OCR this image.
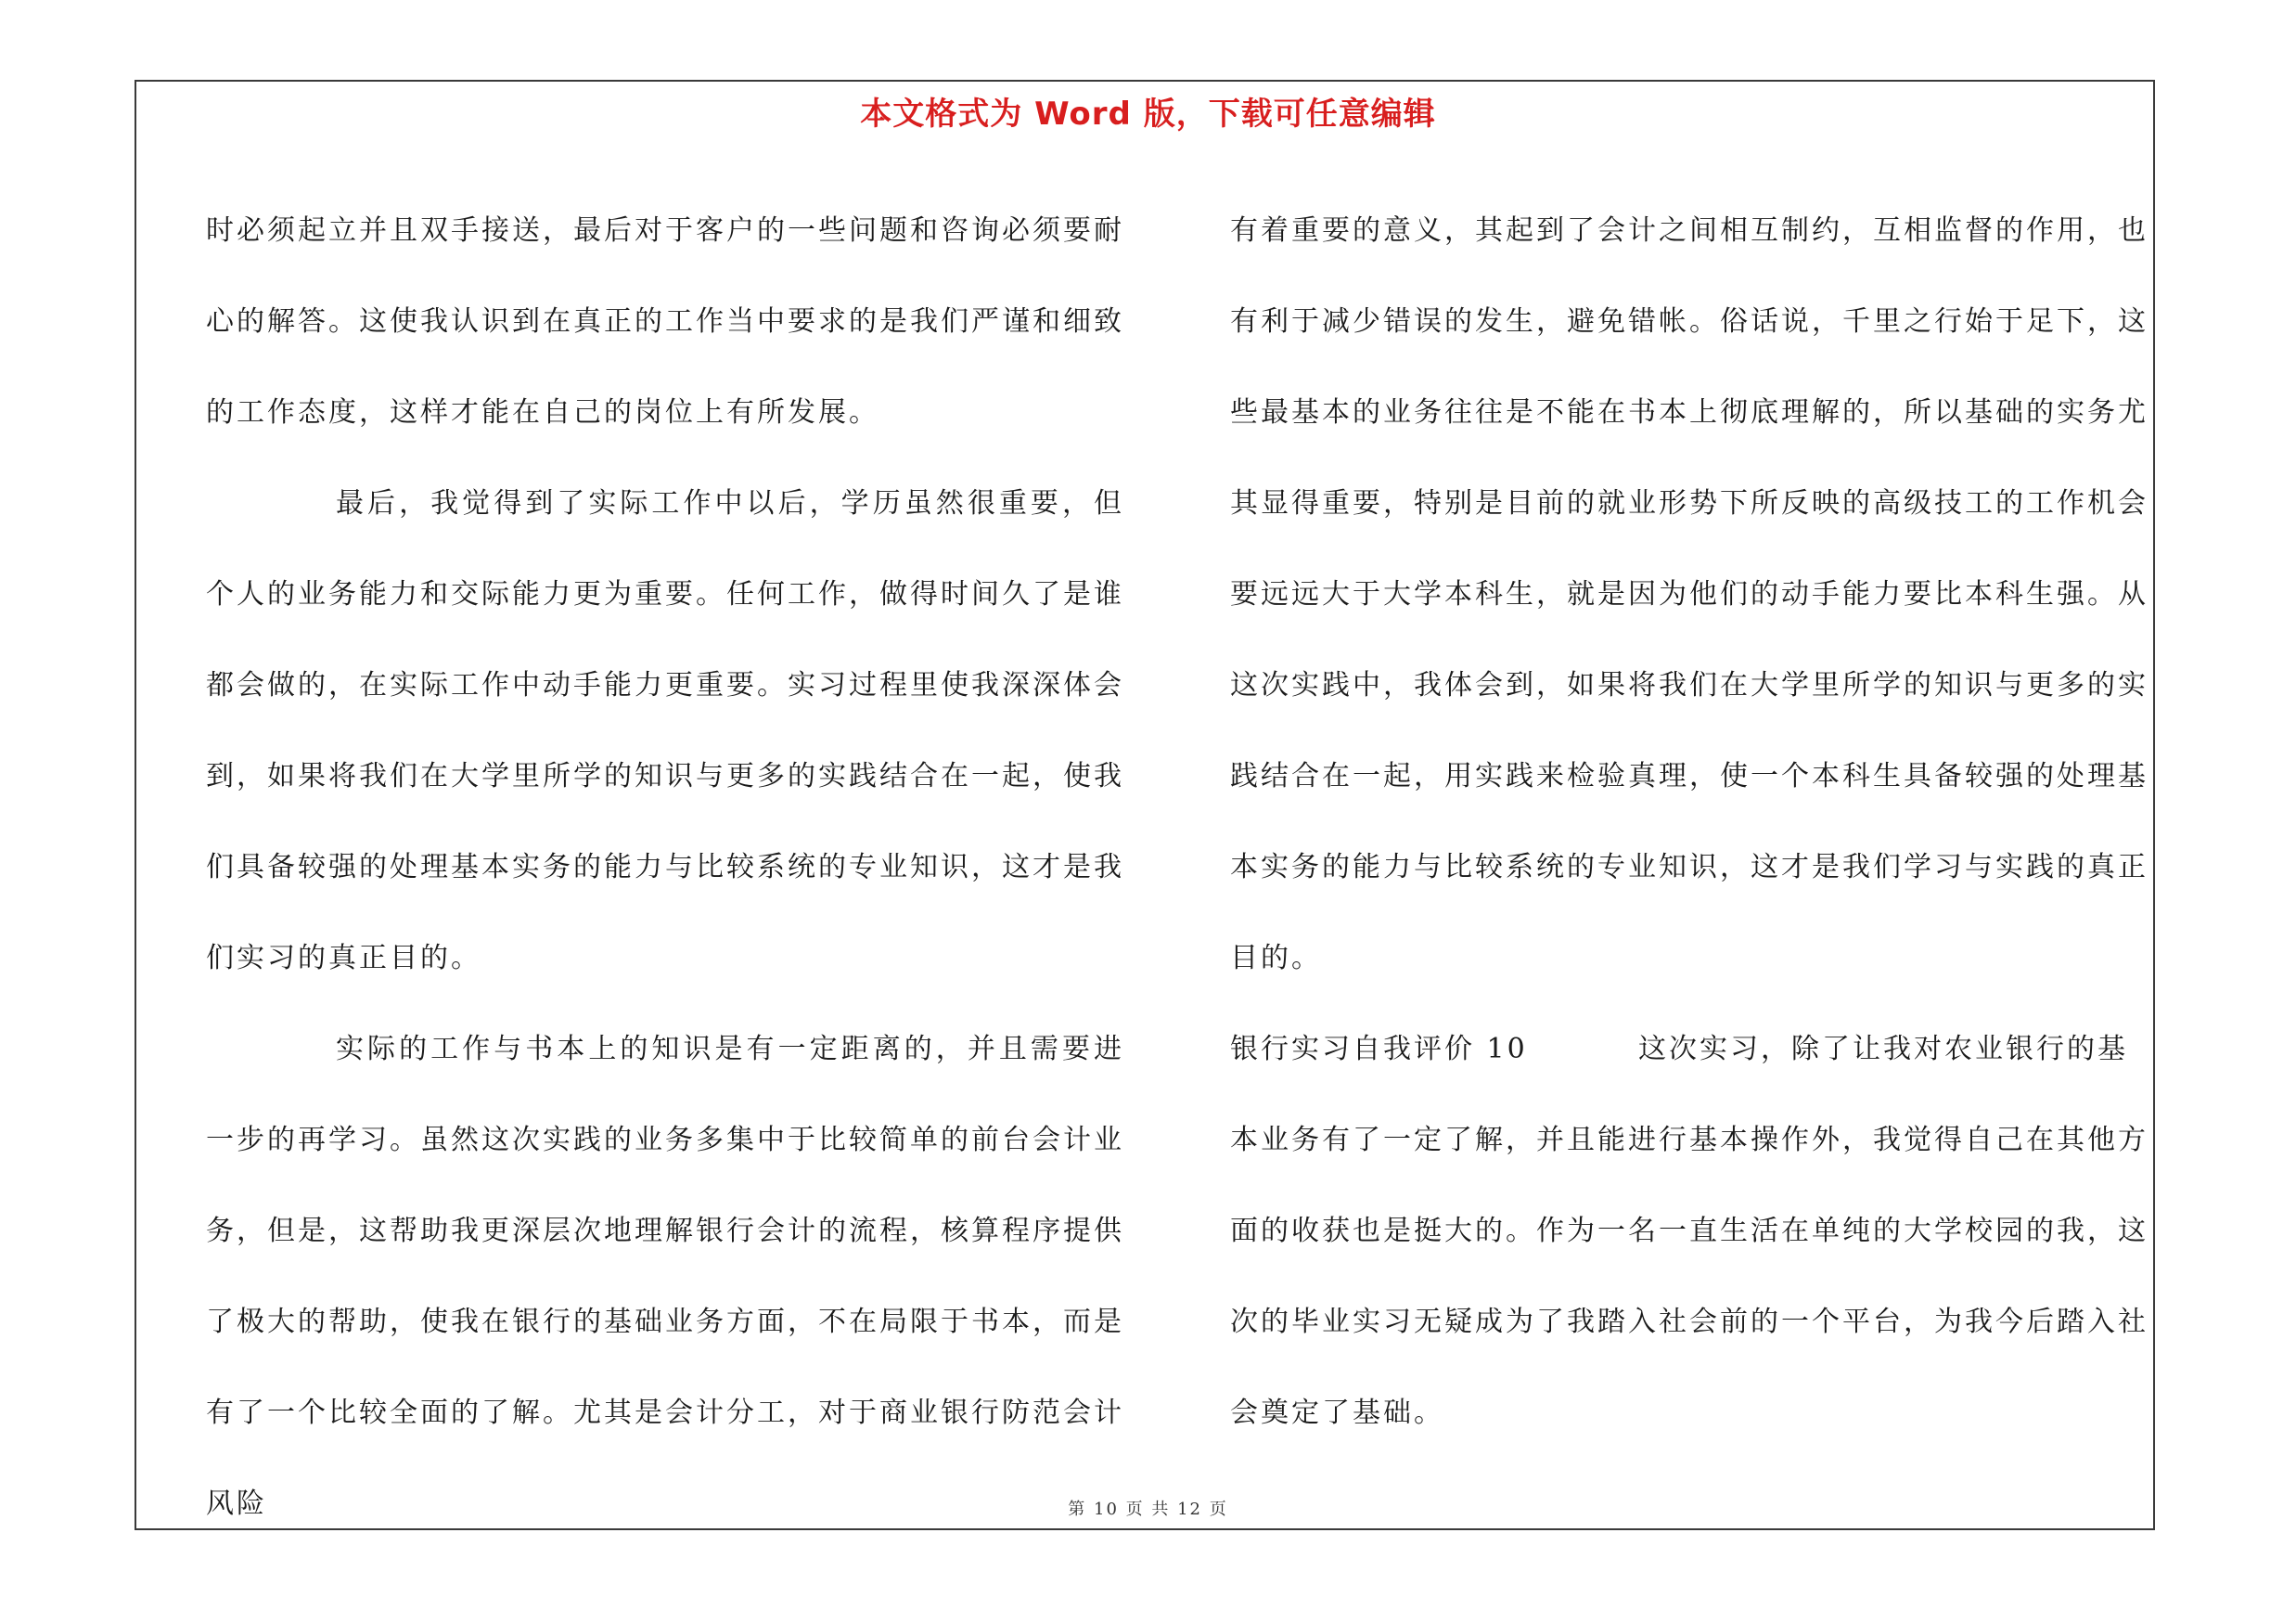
本文格式为 Word 版，下载可任意编辑

时必须起立并且双手接送，最后对于客户的一些问题和咨询必须要耐心的解答。这使我认识到在真正的工作当中要求的是我们严谨和细致的工作态度，这样才能在自己的岗位上有所发展。

最后，我觉得到了实际工作中以后，学历虽然很重要，但个人的业务能力和交际能力更为重要。任何工作，做得时间久了是谁都会做的，在实际工作中动手能力更重要。实习过程里使我深深体会到，如果将我们在大学里所学的知识与更多的实践结合在一起，使我们具备较强的处理基本实务的能力与比较系统的专业知识，这才是我们实习的真正目的。

实际的工作与书本上的知识是有一定距离的，并且需要进一步的再学习。虽然这次实践的业务多集中于比较简单的前台会计业务，但是，这帮助我更深层次地理解银行会计的流程，核算程序提供了极大的帮助，使我在银行的基础业务方面，不在局限于书本，而是有了一个比较全面的了解。尤其是会计分工，对于商业银行防范会计风险

有着重要的意义，其起到了会计之间相互制约，互相监督的作用，也有利于减少错误的发生，避免错帐。俗话说，千里之行始于足下，这些最基本的业务往往是不能在书本上彻底理解的，所以基础的实务尤其显得重要，特别是目前的就业形势下所反映的高级技工的工作机会要远远大于大学本科生，就是因为他们的动手能力要比本科生强。从这次实践中，我体会到，如果将我们在大学里所学的知识与更多的实践结合在一起，用实践来检验真理，使一个本科生具备较强的处理基本实务的能力与比较系统的专业知识，这才是我们学习与实践的真正目的。

银行实习自我评价 10	这次实习，除了让我对农业银行的基

本业务有了一定了解，并且能进行基本操作外，我觉得自己在其他方面的收获也是挺大的。作为一名一直生活在单纯的大学校园的我，这次的毕业实习无疑成为了我踏入社会前的一个平台，为我今后踏入社会奠定了基础。

第 10 页 共 12 页
